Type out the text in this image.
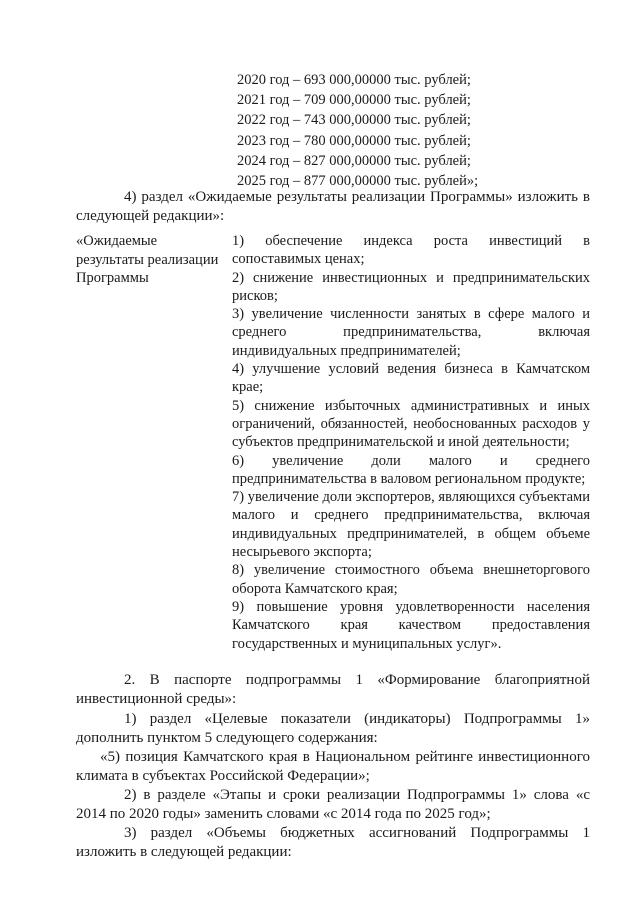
2020 год – 693 000,00000 тыс. рублей;
2021 год – 709 000,00000 тыс. рублей;
2022 год – 743 000,00000 тыс. рублей;
2023 год – 780 000,00000 тыс. рублей;
2024 год – 827 000,00000 тыс. рублей;
2025 год – 877 000,00000 тыс. рублей»;
4) раздел «Ожидаемые результаты реализации Программы» изложить в следующей редакции»:
«Ожидаемые результаты реализации Программы
1) обеспечение индекса роста инвестиций в сопоставимых ценах;
2) снижение инвестиционных и предпринимательских рисков;
3) увеличение численности занятых в сфере малого и среднего предпринимательства, включая индивидуальных предпринимателей;
4) улучшение условий ведения бизнеса в Камчатском крае;
5) снижение избыточных административных и иных ограничений, обязанностей, необоснованных расходов у субъектов предпринимательской и иной деятельности;
6) увеличение доли малого и среднего предпринимательства в валовом региональном продукте;
7) увеличение доли экспортеров, являющихся субъектами малого и среднего предпринимательства, включая индивидуальных предпринимателей, в общем объеме несырьевого экспорта;
8) увеличение стоимостного объема внешнеторгового оборота Камчатского края;
9) повышение уровня удовлетворенности населения Камчатского края качеством предоставления государственных и муниципальных услуг».
2. В паспорте подпрограммы 1 «Формирование благоприятной инвестиционной среды»:
1) раздел «Целевые показатели (индикаторы) Подпрограммы 1» дополнить пунктом 5 следующего содержания:
«5) позиция Камчатского края в Национальном рейтинге инвестиционного климата в субъектах Российской Федерации»;
2) в разделе «Этапы и сроки реализации Подпрограммы 1» слова «с 2014 по 2020 годы» заменить словами «с 2014 года по 2025 год»;
3) раздел «Объемы бюджетных ассигнований Подпрограммы 1 изложить в следующей редакции:
